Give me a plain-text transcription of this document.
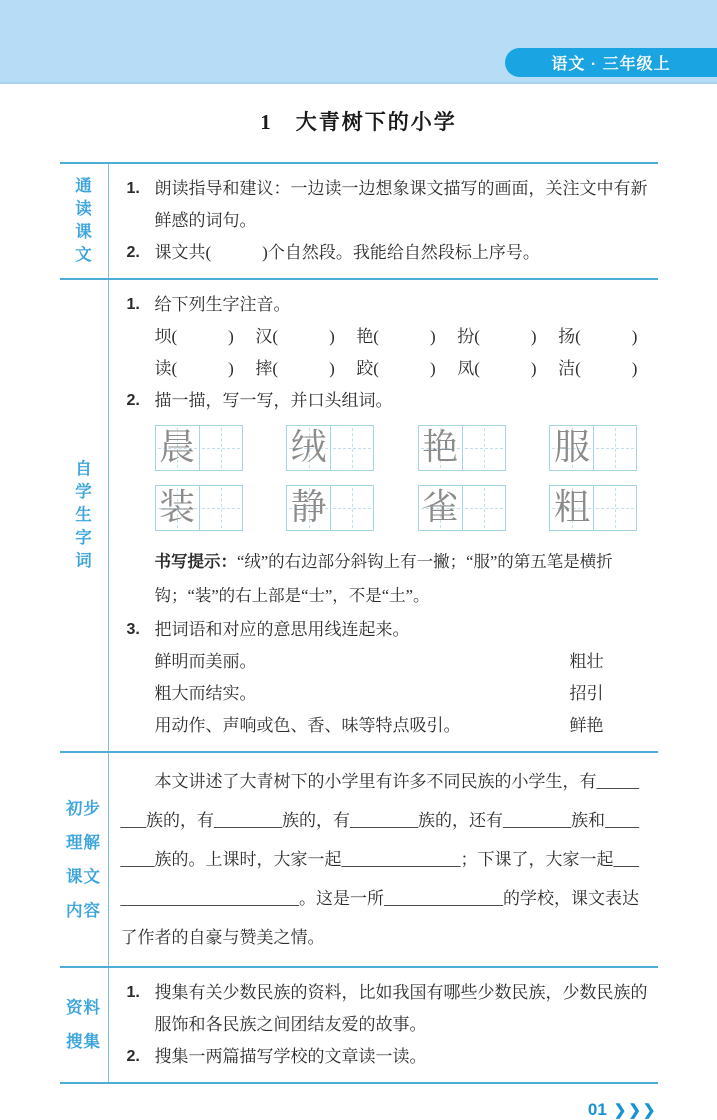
语文 · 三年级上
1　大青树下的小学
通
读
课
文
1. 朗读指导和建议：一边读一边想象课文描写的画面，关注文中有新鲜感的词句。
2. 课文共(　　　)个自然段。我能给自然段标上序号。
自
学
生
字
词
1. 给下列生字注音。
坝(　　　) 汉(　　　) 艳(　　　) 扮(　　　) 扬(　　　)
读(　　　) 摔(　　　) 跤(　　　) 凤(　　　) 洁(　　　)
2. 描一描，写一写，并口头组词。
晨	绒	艳	服
装	静	雀	粗

书写提示：“绒”的右边部分斜钩上有一撇；“服”的第五笔是横折钩；“装”的右上部是“士”，不是“土”。

3. 把词语和对应的意思用线连起来。
鲜明而美丽。	粗壮
粗大而结实。	招引
用动作、声响或色、香、味等特点吸引。	鲜艳
初步
理解
课文
内容

本文讲述了大青树下的小学里有许多不同民族的小学生，有________族的，有________族的，有________族的，还有________族和________族的。上课时，大家一起______________；下课了，大家一起________________________。这是一所______________的学校，课文表达了作者的自豪与赞美之情。

资料
搜集
1. 搜集有关少数民族的资料，比如我国有哪些少数民族，少数民族的服饰和各民族之间团结友爱的故事。
2. 搜集一两篇描写学校的文章读一读。
01 ❯❯❯
